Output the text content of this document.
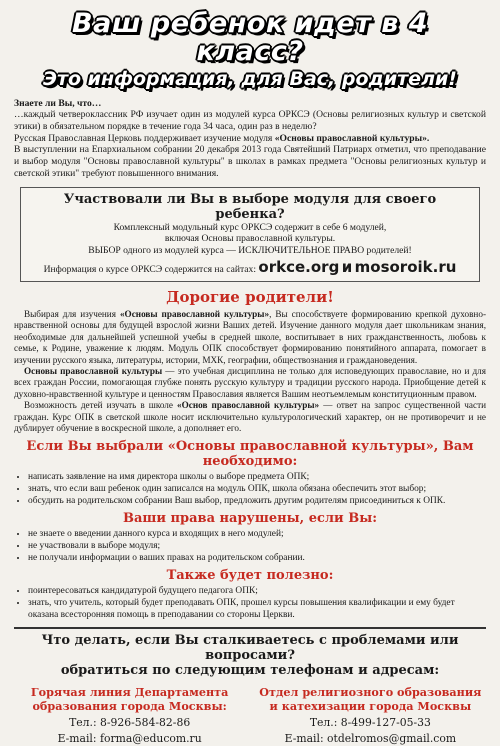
Ваш ребенок идет в 4 класс?
Это информация, для Вас, родители!

Знаете ли Вы, что…

…каждый четвероклассник РФ изучает один из модулей курса ОРКСЭ (Основы религиозных культур и светской этики) в обязательном порядке в течение года 34 часа, один раз в неделю?

Русская Православная Церковь поддерживает изучение модуля «Основы православной культуры».

В выступлении на Епархиальном собрании 20 декабря 2013 года Святейший Патриарх отметил, что преподавание и выбор модуля "Основы православной культуры" в школах в рамках предмета "Основы религиозных культур и светской этики" требуют повышенного внимания.

Участвовали ли Вы в выборе модуля для своего ребенка?
Комплексный модульный курс ОРКСЭ содержит в себе 6 модулей,
включая Основы православной культуры.
ВЫБОР одного из модулей курса — ИСКЛЮЧИТЕЛЬНОЕ ПРАВО родителей!
Информация о курсе ОРКСЭ содержится на сайтах: orkce.org и mosoroik.ru
Дорогие родители!

Выбирая для изучения «Основы православной культуры», Вы способствуете формированию крепкой духовно-нравственной основы для будущей взрослой жизни Ваших детей. Изучение данного модуля дает школьникам знания, необходимые для дальнейшей успешной учебы в средней школе, воспитывает в них гражданственность, любовь к семье, к Родине, уважение к людям. Модуль ОПК способствует формированию понятийного аппарата, помогает в изучении русского языка, литературы, истории, МХК, географии, обществознания и граждановедения.

Основы православной культуры — это учебная дисциплина не только для исповедующих православие, но и для всех граждан России, помогающая глубже понять русскую культуру и традиции русского народа. Приобщение детей к духовно-нравственной культуре и ценностям Православия является Вашим неотъемлемым конституционным правом.

Возможность детей изучать в школе «Основ православной культуры» — ответ на запрос существенной части граждан. Курс ОПК в светской школе носит исключительно культурологический характер, он не противоречит и не дублирует обучение в воскресной школе, а дополняет его.

Если Вы выбрали «Основы православной культуры», Вам необходимо:
• написать заявление на имя директора школы о выборе предмета ОПК;
• знать, что если ваш ребенок один записался на модуль ОПК, школа обязана обеспечить этот выбор;
• обсудить на родительском собрании Ваш выбор, предложить другим родителям присоединиться к ОПК.
Ваши права нарушены, если Вы:
• не знаете о введении данного курса и входящих в него модулей;
• не участвовали в выборе модуля;
• не получали информации о ваших правах на родительском собрании.
Также будет полезно:
• поинтересоваться кандидатурой будущего педагога ОПК;
• знать, что учитель, который будет преподавать ОПК, прошел курсы повышения квалификации и ему будет оказана всесторонняя помощь в преподавании со стороны Церкви.
Что делать, если Вы сталкиваетесь с проблемами или вопросами?
обратиться по следующим телефонам и адресам:
Горячая линия Департамента образования города Москвы:
Тел.: 8-926-584-82-86
E-mail: forma@educom.ru
Отдел религиозного образования и катехизации города Москвы
Тел.: 8-499-127-05-33
E-mail: otdelromos@gmail.com
